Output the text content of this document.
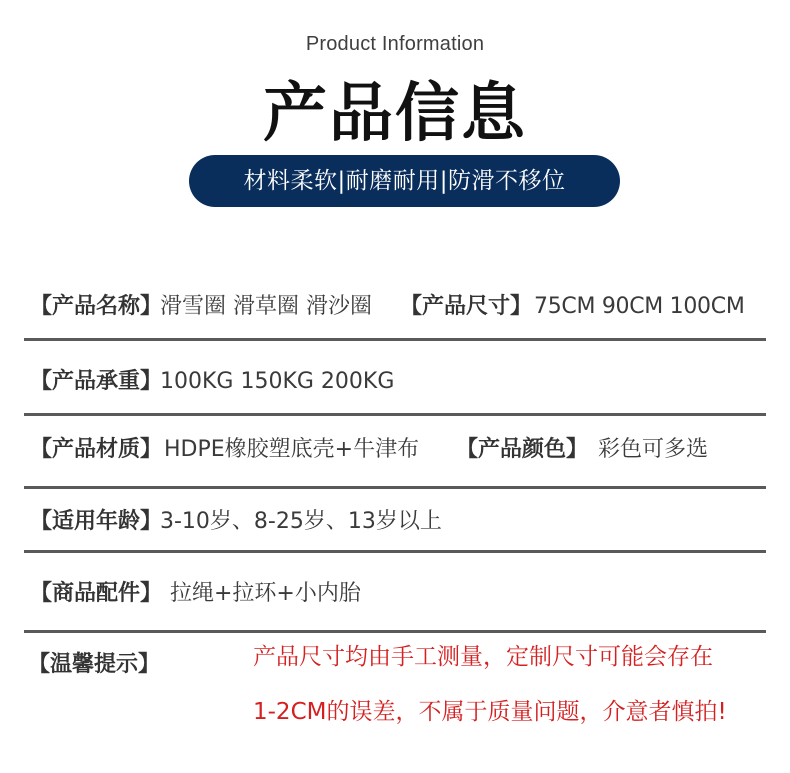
Product Information
产品信息
材料柔软|耐磨耐用|防滑不移位
【产品名称】
滑雪圈 滑草圈 滑沙圈 【产品尺寸】 75CM 90CM 100CM
【产品承重】
100KG 150KG 200KG
【产品材质】 HDPE橡胶塑底壳+牛津布 【产品颜色】 彩色可多选
【适用年龄】
3-10岁、8-25岁、13岁以上
【商品配件】 拉绳+拉环+小内胎
【温馨提示】	产品尺寸均由手工测量，定制尺寸可能会存在
1-2CM的误差，不属于质量问题，介意者慎拍!
